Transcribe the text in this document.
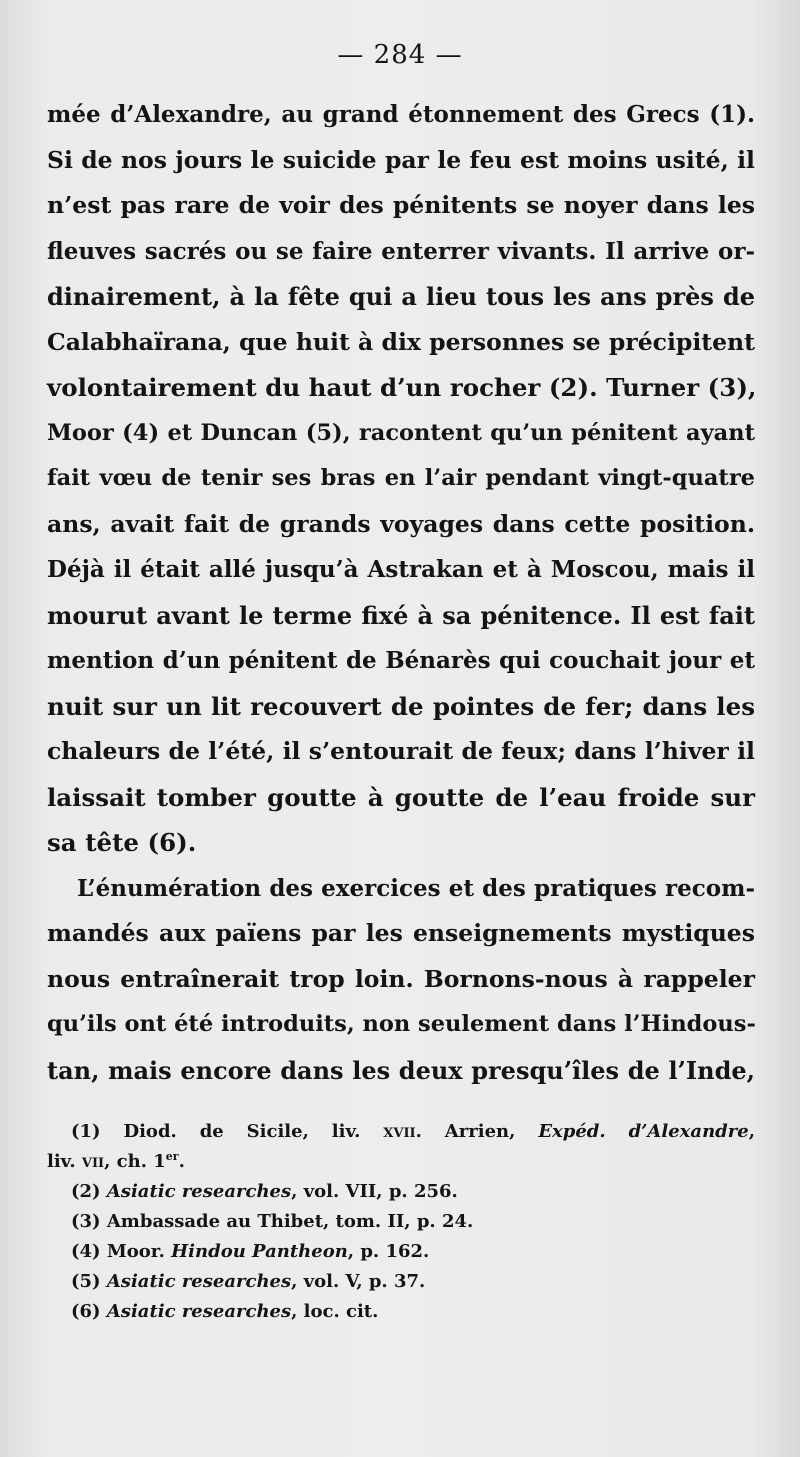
— 284 —
mée d’Alexandre, au grand étonnement des Grecs (1).
Si de nos jours le suicide par le feu est moins usité, il
n’est pas rare de voir des pénitents se noyer dans les
fleuves sacrés ou se faire enterrer vivants. Il arrive or-
dinairement, à la fête qui a lieu tous les ans près de
Calabhaïrana, que huit à dix personnes se précipitent
volontairement du haut d’un rocher (2). Turner (3),
Moor (4) et Duncan (5), racontent qu’un pénitent ayant
fait vœu de tenir ses bras en l’air pendant vingt-quatre
ans, avait fait de grands voyages dans cette position.
Déjà il était allé jusqu’à Astrakan et à Moscou, mais il
mourut avant le terme fixé à sa pénitence. Il est fait
mention d’un pénitent de Bénarès qui couchait jour et
nuit sur un lit recouvert de pointes de fer; dans les
chaleurs de l’été, il s’entourait de feux; dans l’hiver il
laissait tomber goutte à goutte de l’eau froide sur
sa tête (6).
L’énumération des exercices et des pratiques recom-
mandés aux païens par les enseignements mystiques
nous entraînerait trop loin. Bornons-nous à rappeler
qu’ils ont été introduits, non seulement dans l’Hindous-
tan, mais encore dans les deux presqu’îles de l’Inde,
(1) Diod. de Sicile, liv. xvii. Arrien, Expéd. d’Alexandre,
liv. vii, ch. 1er.
(2) Asiatic researches, vol. VII, p. 256.
(3) Ambassade au Thibet, tom. II, p. 24.
(4) Moor. Hindou Pantheon, p. 162.
(5) Asiatic researches, vol. V, p. 37.
(6) Asiatic researches, loc. cit.
